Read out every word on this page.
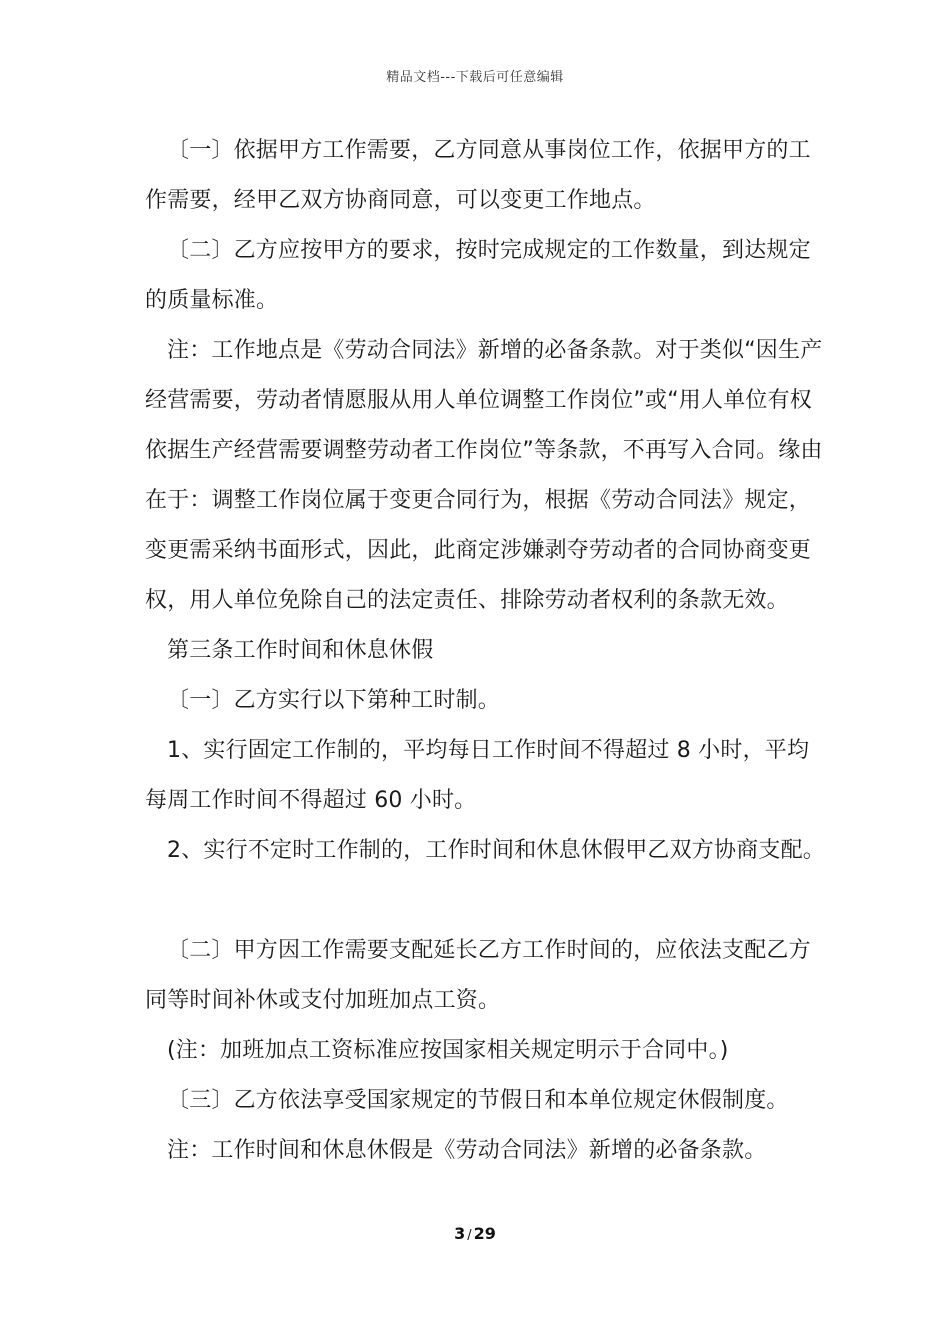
精品文档---下载后可任意编辑

〔一〕依据甲方工作需要，乙方同意从事岗位工作，依据甲方的工作需要，经甲乙双方协商同意，可以变更工作地点。

〔二〕乙方应按甲方的要求，按时完成规定的工作数量，到达规定的质量标准。

注：工作地点是《劳动合同法》新增的必备条款。对于类似“因生产经营需要，劳动者情愿服从用人单位调整工作岗位”或“用人单位有权依据生产经营需要调整劳动者工作岗位”等条款，不再写入合同。缘由在于：调整工作岗位属于变更合同行为，根据《劳动合同法》规定，变更需采纳书面形式，因此，此商定涉嫌剥夺劳动者的合同协商变更权，用人单位免除自己的法定责任、排除劳动者权利的条款无效。

第三条工作时间和休息休假

〔一〕乙方实行以下第种工时制。

1、实行固定工作制的，平均每日工作时间不得超过 8 小时，平均每周工作时间不得超过 60 小时。

2、实行不定时工作制的，工作时间和休息休假甲乙双方协商支配。

〔二〕甲方因工作需要支配延长乙方工作时间的，应依法支配乙方同等时间补休或支付加班加点工资。

(注：加班加点工资标准应按国家相关规定明示于合同中。)

〔三〕乙方依法享受国家规定的节假日和本单位规定休假制度。

注：工作时间和休息休假是《劳动合同法》新增的必备条款。

3 / 29
